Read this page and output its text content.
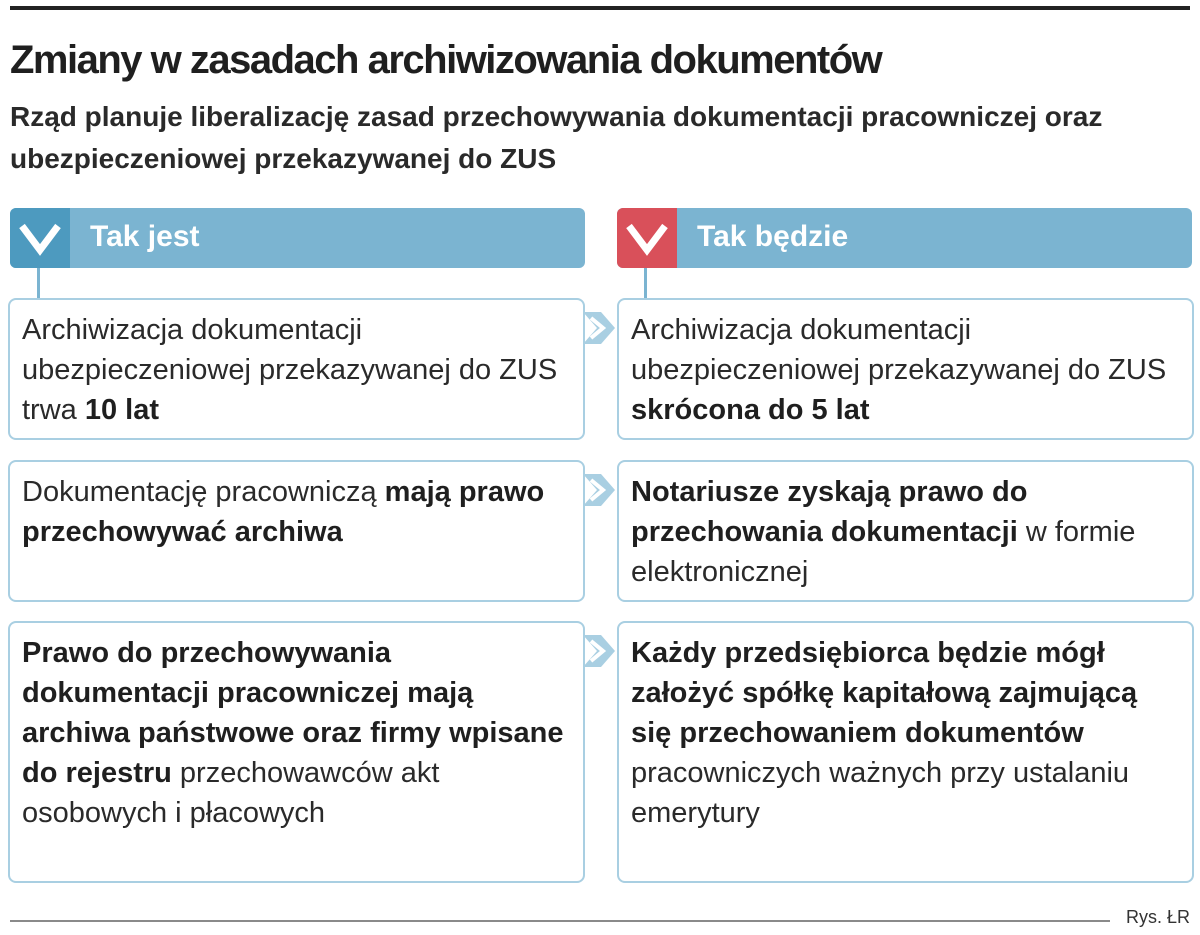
Zmiany w zasadach archiwizowania dokumentów
Rząd planuje liberalizację zasad przechowywania dokumentacji pracowniczej oraz ubezpieczeniowej przekazywanej do ZUS
Tak jest	Tak będzie
Archiwizacja dokumentacji ubezpieczeniowej przekazywanej do ZUS trwa 10 lat
Archiwizacja dokumentacji ubezpieczeniowej przekazywanej do ZUS skrócona do 5 lat
Dokumentację pracowniczą mają prawo przechowywać archiwa
Notariusze zyskają prawo do przechowania dokumentacji w formie elektronicznej
Prawo do przechowywania dokumentacji pracowniczej mają archiwa państwowe oraz firmy wpisane do rejestru przechowawców akt osobowych i płacowych
Każdy przedsiębiorca będzie mógł założyć spółkę kapitałową zajmującą się przechowaniem dokumentów pracowniczych ważnych przy ustalaniu emerytury
Rys. ŁR
